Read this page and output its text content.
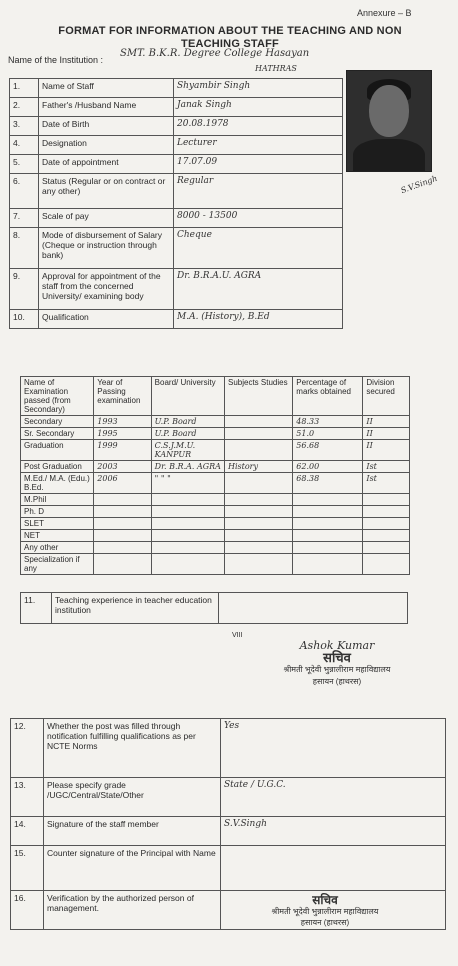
Annexure – B
FORMAT FOR INFORMATION ABOUT THE TEACHING AND NON TEACHING STAFF
Name of the Institution :
SMT. B.K.R. Degree College Hasayan
HATHRAS
1.	Name of Staff	Shyambir Singh
2.	Father's /Husband Name	Janak Singh
3.	Date of Birth	20.08.1978
4.	Designation	Lecturer
5.	Date of appointment	17.07.09
6.	Status (Regular or on contract or any other)	Regular
7.	Scale of pay	8000 - 13500
8.	Mode of disbursement of Salary (Cheque or instruction through bank)	Cheque
9.	Approval for appointment of the staff from the concerned University/ examining body	Dr. B.R.A.U. AGRA
10.	Qualification	M.A. (History), B.Ed
S.V.Singh
Name of Examination passed (from Secondary)	Year of Passing examination	Board/ University	Subjects Studies	Percentage of marks obtained	Division secured
Secondary	1993	U.P. Board		48.33	II
Sr. Secondary	1995	U.P. Board		51.0	II
Graduation	1999	C.S.J.M.U. KANPUR		56.68	II
Post Graduation	2003	Dr. B.R.A. AGRA	History	62.00	Ist
M.Ed./ M.A. (Edu.) B.Ed.	2006	" " "		68.38	Ist
M.Phil					
Ph. D					
SLET					
NET					
Any other					
Specialization if any					
11.	Teaching experience in teacher education institution	
VIII
Ashok Kumar
सचिव
श्रीमती भूदेवी भुन्नालीराम महाविद्यालय
हसायन (हाथरस)
12.	Whether the post was filled through notification fulfilling qualifications as per NCTE Norms	Yes
13.	Please specify grade /UGC/Central/State/Other	State / U.G.C.
14.	Signature of the staff member	S.V.Singh
15.	Counter signature of the Principal with Name	
16.	Verification by the authorized person of management.	
सचिव
श्रीमती भूदेवी भुन्नालीराम महाविद्यालय
हसायन (हाथरस)
